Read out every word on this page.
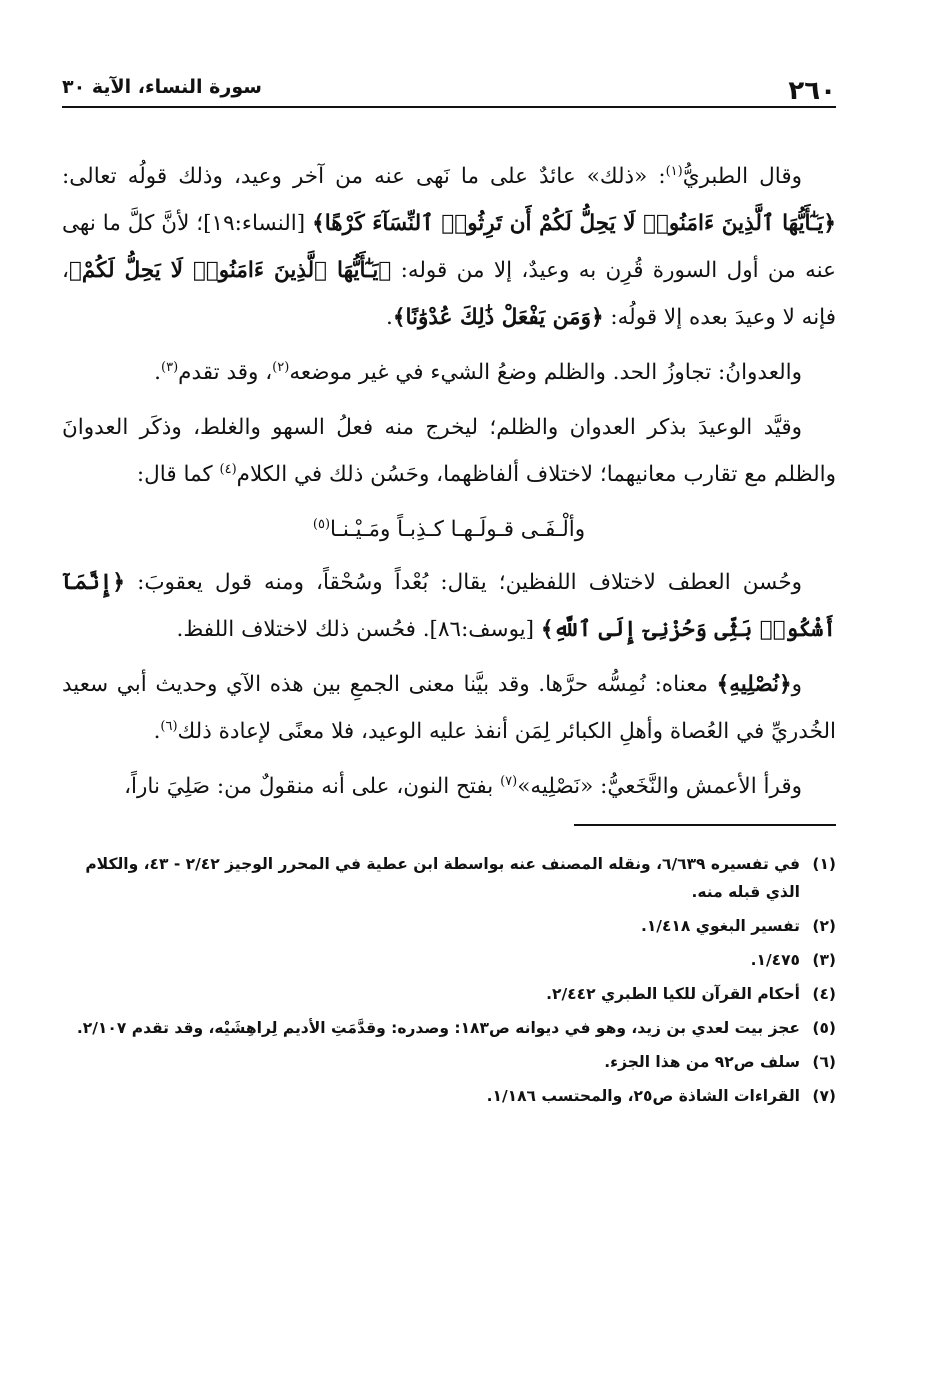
٢٦٠
سورة النساء، الآية ٣٠

وقال الطبريُّ$^{(١)}$: «ذلك» عائدٌ على ما نَهى عنه من آخر وعيد، وذلك قولُه تعالى: ﴿يَـٰٓأَيُّهَا ٱلَّذِينَ ءَامَنُوا۟ لَا يَحِلُّ لَكُمْ أَن تَرِثُوا۟ ٱلنِّسَآءَ كَرْهًا﴾ [النساء:١٩]؛ لأنَّ كلَّ ما نهى عنه من أول السورة قُرِن به وعيدٌ، إلا من قوله: ﴿يَـٰٓأَيُّهَا ٱلَّذِينَ ءَامَنُوا۟ لَا يَحِلُّ لَكُمْ﴾، فإنه لا وعيدَ بعده إلا قولُه: ﴿وَمَن يَفْعَلْ ذَٰلِكَ عُدْوَٰنًا﴾.

والعدوانُ: تجاوزُ الحد. والظلم وضعُ الشيء في غير موضعه$^{(٢)}$، وقد تقدم$^{(٣)}$.

وقيَّد الوعيدَ بذكر العدوان والظلم؛ ليخرج منه فعلُ السهو والغلط، وذكَر العدوانَ والظلم مع تقارب معانيهما؛ لاختلاف ألفاظهما، وحَسُن ذلك في الكلام$^{(٤)}$ كما قال:

وألْـفَـى قـولَـهـا كـذِبـاً ومَـيْـنـا$^{(٥)}$

وحُسن العطف لاختلاف اللفظين؛ يقال: بُعْداً وسُحْقاً، ومنه قول يعقوبَ: ﴿إِنَّمَآ أَشْكُوا۟ بَثِّى وَحُزْنِىٓ إِلَى ٱللَّهِ﴾ [يوسف:٨٦]. فحُسن ذلك لاختلاف اللفظ.

و﴿نُصْلِيهِ﴾ معناه: نُمِسُّه حرَّها. وقد بيَّنا معنى الجمعِ بين هذه الآي وحديث أبي سعيد الخُدريِّ في العُصاة وأهلِ الكبائر لِمَن أنفذ عليه الوعيد، فلا معنًى لإعادة ذلك$^{(٦)}$.

وقرأ الأعمش والنَّخَعيُّ: «نَصْلِيه»$^{(٧)}$ بفتح النون، على أنه منقولٌ من: صَلِيَ ناراً،

(١)
في تفسيره ٦/٦٣٩، ونقله المصنف عنه بواسطة ابن عطية في المحرر الوجيز ٢/٤٢ - ٤٣، والكلام الذي قبله منه.

(٢)
تفسير البغوي ١/٤١٨.

(٣)
١/٤٧٥.

(٤)
أحكام القرآن للكيا الطبري ٢/٤٤٢.

(٥)
عجز بيت لعدي بن زيد، وهو في ديوانه ص١٨٣: وصدره: وقدَّمَتِ الأديم لِراهِشَيْه، وقد تقدم ٢/١٠٧.

(٦)
سلف ص٩٢ من هذا الجزء.

(٧)
القراءات الشاذة ص٢٥، والمحتسب ١/١٨٦.
